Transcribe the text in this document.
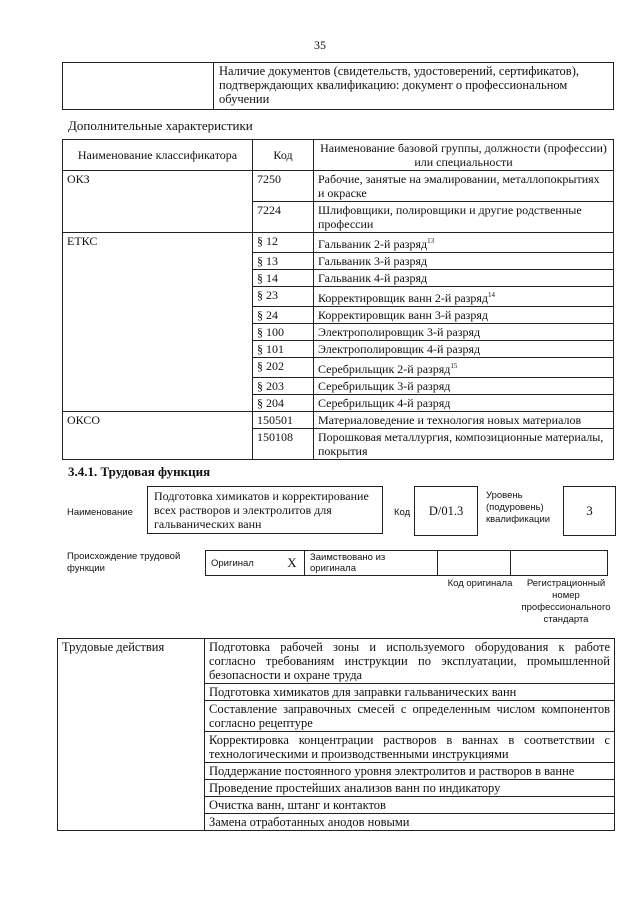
35
	Наличие документов (свидетельств, удостоверений, сертификатов), подтверждающих квалификацию: документ о профессиональном обучении
Дополнительные характеристики
Наименование классификатора	Код	Наименование базовой группы, должности (профессии) или специальности
ОКЗ	7250	Рабочие, занятые на эмалировании, металлопокрытиях и окраске
	7224	Шлифовщики, полировщики и другие родственные профессии
ЕТКС	§ 12	Гальваник 2-й разряд$^{13}$
	§ 13	Гальваник 3-й разряд
	§ 14	Гальваник 4-й разряд
	§ 23	Корректировщик ванн 2-й разряд$^{14}$
	§ 24	Корректировщик ванн 3-й разряд
	§ 100	Электрополировщик 3-й разряд
	§ 101	Электрополировщик 4-й разряд
	§ 202	Серебрильщик 2-й разряд$^{15}$
	§ 203	Серебрильщик 3-й разряд
	§ 204	Серебрильщик 4-й разряд
ОКСО	150501	Материаловедение и технология новых материалов
	150108	Порошковая металлургия, композиционные материалы, покрытия
3.4.1. Трудовая функция
Наименование
Подготовка химикатов и корректирование всех растворов и электролитов для гальванических ванн
Код	D/01.3
Уровень (подуровень) квалификации
3
Происхождение трудовой функции	Оригинал	X	Заимствовано из оригинала		
Код оригинала	Регистрационный номер профессионального стандарта
Трудовые действия	Подготовка рабочей зоны и используемого оборудования к работе согласно требованиям инструкции по эксплуатации, промышленной безопасности и охране труда
Подготовка химикатов для заправки гальванических ванн
Составление заправочных смесей с определенным числом компонентов согласно рецептуре
Корректировка концентрации растворов в ваннах в соответствии с технологическими и производственными инструкциями
Поддержание постоянного уровня электролитов и растворов в ванне
Проведение простейших анализов ванн по индикатору
Очистка ванн, штанг и контактов
Замена отработанных анодов новыми
